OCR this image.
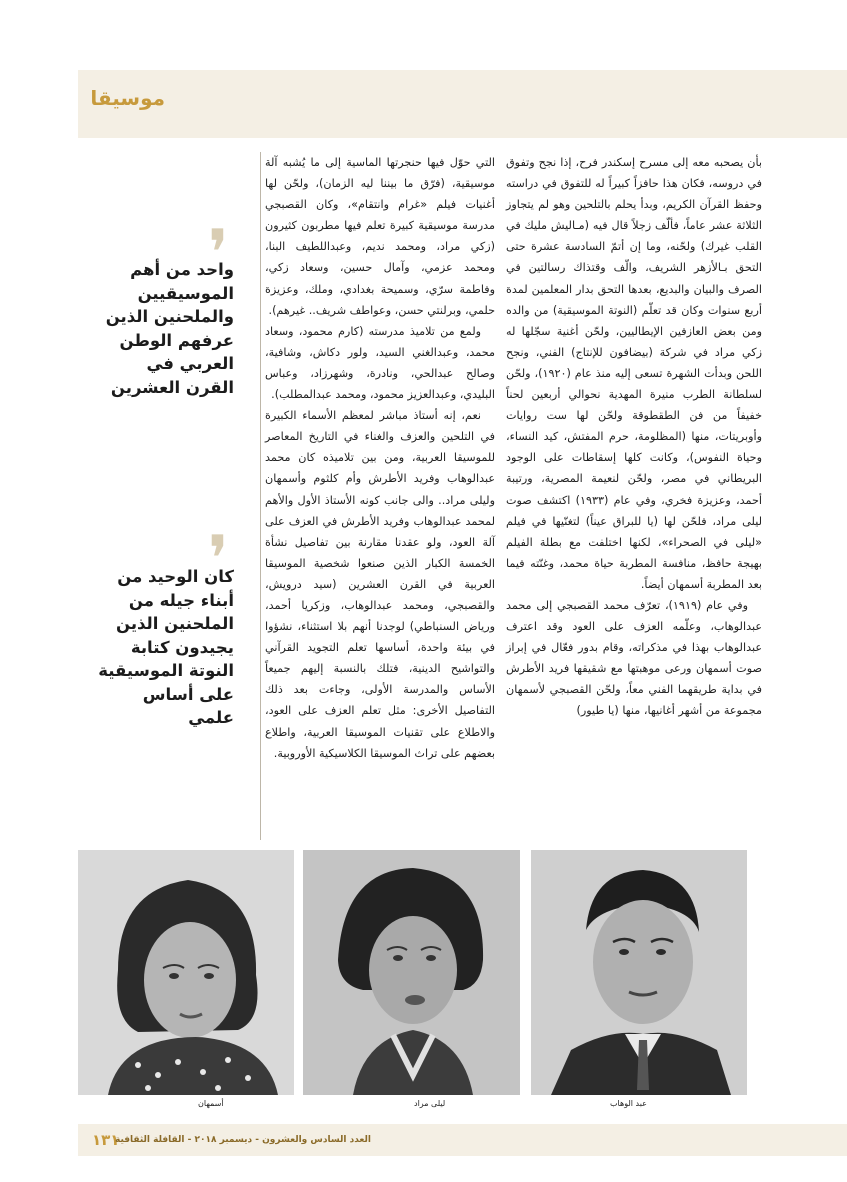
موسيقا

بأن يصحبه معه إلى مسرح إسكندر فرح، إذا نجح وتفوق في دروسه، فكان هذا حافزاً كبيراً له للتفوق في دراسته وحفظ القرآن الكريم، وبدأ يحلم بالتلحين وهو لم يتجاوز الثلاثة عشر عاماً، فألّف زجلاً قال فيه (مـاليش مليك في القلب غيرك) ولحّنه، وما إن أتمّ السادسة عشرة حتى التحق بـالأزهر الشريف، والّف وقتذاك رسالتين في الصرف والبيان والبديع، بعدها التحق بدار المعلمين لمدة أربع سنوات وكان قد تعلّم (النوتة الموسيقية) من والده ومن بعض العازفين الإيطاليين، ولحّن أغنية سجّلها له زكي مراد في شركة (بيضافون للإنتاج) الفني، ونجح اللحن وبدأت الشهرة تسعى إليه منذ عام (١٩٢٠)، ولحّن لسلطانة الطرب منيرة المهدية نحوالي أربعين لحناً خفيفاً من فن الطقطوقة ولحّن لها ست روايات وأوبريتات، منها (المظلومة، حرم المفتش، كيد النساء، وحياة النفوس)، وكانت كلها إسقاطات على الوجود البريطاني في مصر، ولحّن لنعيمة المصرية، ورتيبة أحمد، وعزيزة فخري، وفي عام (١٩٣٣) اكتشف صوت ليلى مراد، فلحّن لها (يا للبراق عيناً) لتغنّيها في فيلم «ليلى في الصحراء»، لكنها اختلفت مع بطلة الفيلم بهيجة حافظ، منافسة المطربة حياة محمد، وغنّته فيما بعد المطربة أسمهان أيضاً.

وفي عام (١٩١٩)، تعرّف محمد القصبجي إلى محمد عبدالوهاب، وعلّمه العزف على العود وقد اعترف عبدالوهاب بهذا في مذكراته، وقام بدور فعّال في إبراز صوت أسمهان ورعى موهبتها مع شقيقها فريد الأطرش في بداية طريقهما الفني معاً، ولحّن القصبجي لأسمهان مجموعة من أشهر أغانيها، منها (يا طيور)

التي حوّل فيها حنجرتها الماسية إلى ما يُشبه آلة موسيقية، (فرّق ما بيننا ليه الزمان)، ولحّن لها أغنيات فيلم «غرام وانتقام»، وكان القصبجي مدرسة موسيقية كبيرة تعلم فيها مطربون كثيرون (زكي مراد، ومحمد نديم، وعبداللطيف البنا، ومحمد عزمي، وآمال حسين، وسعاد زكي، وفاطمة سرّي، وسميحة بغدادي، وملك، وعزيزة حلمي، وبرلنتي حسن، وعواطف شريف.. غيرهم).

ولمع من تلاميذ مدرسته (كارم محمود، وسعاد محمد، وعبدالغني السيد، ولور دكاش، وشافية، وصالح عبدالحي، ونادرة، وشهرزاد، وعباس البليدي، وعبدالعزيز محمود، ومحمد عبدالمطلب).

نعم، إنه أستاذ مباشر لمعظم الأسماء الكبيرة في التلحين والعزف والغناء في التاريخ المعاصر للموسيقا العربية، ومن بين تلاميذه كان محمد عبدالوهاب وفريد الأطرش وأم كلثوم وأسمهان وليلى مراد.. والى جانب كونه الأستاذ الأول والأهم لمحمد عبدالوهاب وفريد الأطرش في العزف على آلة العود، ولو عقدنا مقارنة بين تفاصيل نشأة الخمسة الكبار الذين صنعوا شخصية الموسيقا العربية في القرن العشرين (سيد درويش، والقصبجي، ومحمد عبدالوهاب، وزكريا أحمد، ورياض السنباطي) لوجدنا أنهم بلا استثناء، نشؤوا في بيئة واحدة، أساسها تعلم التجويد القرآني والتواشيح الدينية، فتلك بالنسبة إليهم جميعاً الأساس والمدرسة الأولى، وجاءت بعد ذلك التفاصيل الأخرى: مثل تعلم العزف على العود، والاطلاع على تقنيات الموسيقا العربية، واطلاع بعضهم على تراث الموسيقا الكلاسيكية الأوروبية.

❜
واحد من أهم الموسيقيين والملحنين الذين عرفهم الوطن العربي في القرن العشرين
❜
كان الوحيد من أبناء جيله من الملحنين الذين يجيدون كتابة النوتة الموسيقية على أساس علمي
أسمهان	ليلى مراد	عبد الوهاب
١٣١
العدد السادس والعشرون - ديسمبر ٢٠١٨ - القافلة الثقافية
